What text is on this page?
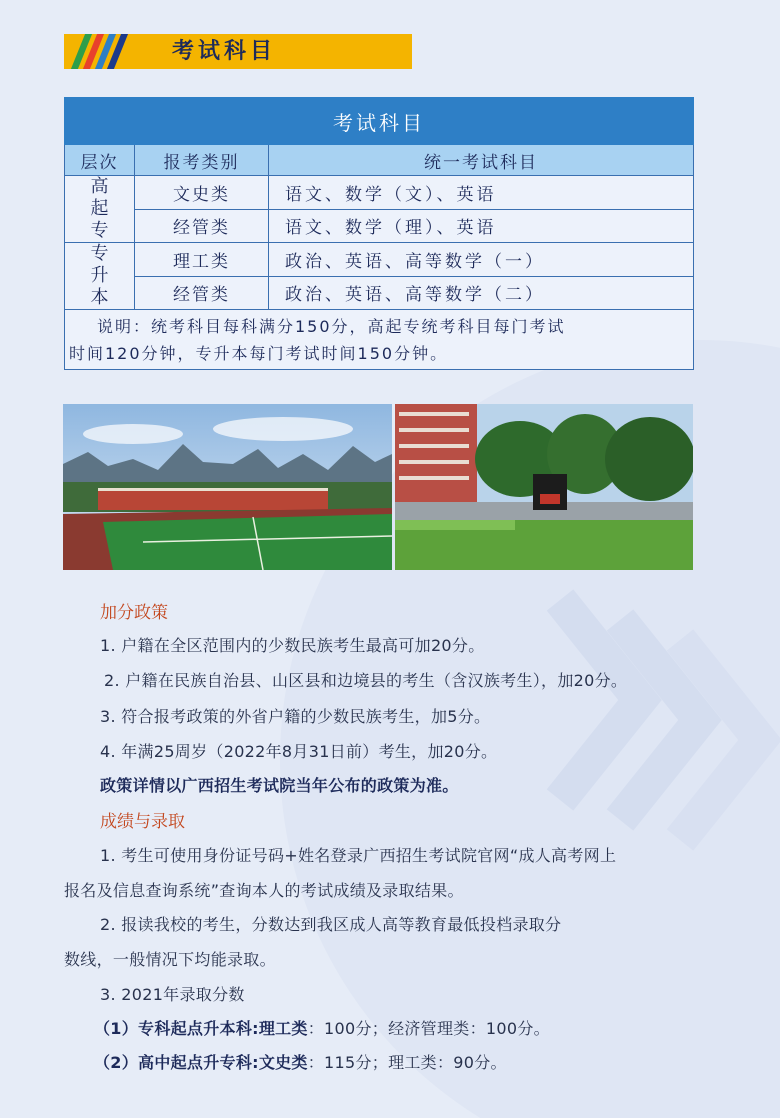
考试科目
考试科目		
层次	报考类别	统一考试科目
高起专	文史类	语文、数学（文）、英语
	经管类	语文、数学（理）、英语
专升本	理工类	政治、英语、高等数学（一）
	经管类	政治、英语、高等数学（二）

说明：统考科目每科满分150分，高起专统考科目每门考试
时间120分钟，专升本每门考试时间150分钟。		
加分政策
1. 户籍在全区范围内的少数民族考生最高可加20分。
2. 户籍在民族自治县、山区县和边境县的考生（含汉族考生），加20分。
3. 符合报考政策的外省户籍的少数民族考生，加5分。
4. 年满25周岁（2022年8月31日前）考生，加20分。
政策详情以广西招生考试院当年公布的政策为准。
成绩与录取
1. 考生可使用身份证号码+姓名登录广西招生考试院官网“成人高考网上
报名及信息查询系统”查询本人的考试成绩及录取结果。
2. 报读我校的考生，分数达到我区成人高等教育最低投档录取分
数线，一般情况下均能录取。
3. 2021年录取分数
（1）专科起点升本科:理工类：100分；经济管理类：100分。
（2）高中起点升专科:文史类：115分；理工类：90分。
